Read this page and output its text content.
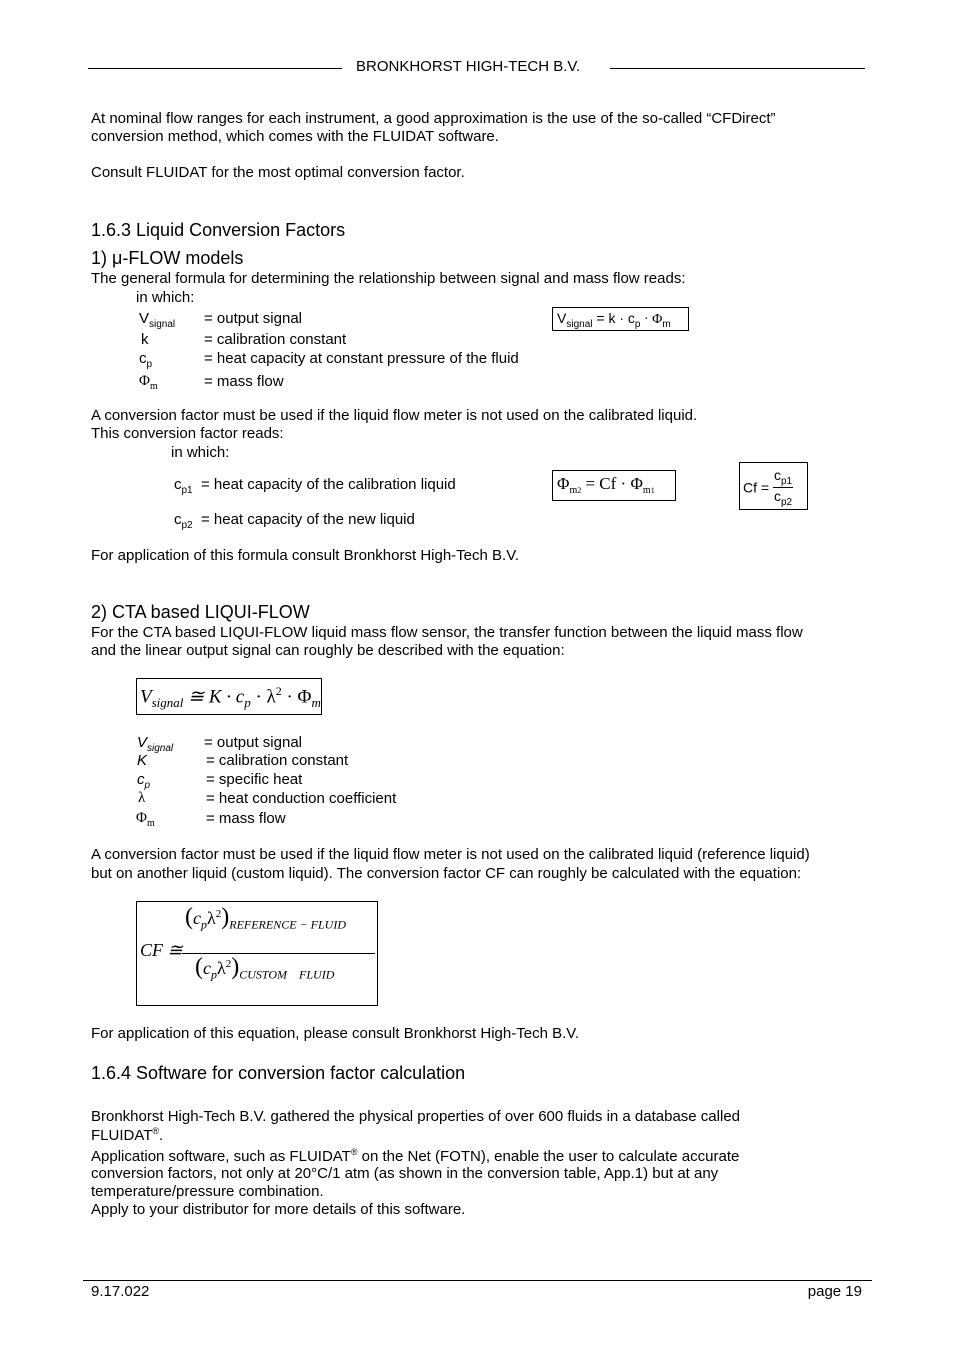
BRONKHORST HIGH-TECH B.V.
At nominal flow ranges for each instrument, a good approximation is the use of the so-called “CFDirect”
conversion method, which comes with the FLUIDAT software.
Consult FLUIDAT for the most optimal conversion factor.
1.6.3 Liquid Conversion Factors
1) μ-FLOW models
The general formula for determining the relationship between signal and mass flow reads:
in which:
$V_{signal}$ = output signal
k	= calibration constant
$c_p$	= heat capacity at constant pressure of the fluid
$\Phi_m$	= mass flow
$V_{signal} = k \cdot c_p \cdot \Phi_m$
A conversion factor must be used if the liquid flow meter is not used on the calibrated liquid.
This conversion factor reads:
in which:
$c_{p1}$ = heat capacity of the calibration liquid
$c_{p2}$ = heat capacity of the new liquid
$\Phi_{m2} = Cf \cdot \Phi_{m1}$	$Cf = \frac{c_{p1}}{c_{p2}}$
For application of this formula consult Bronkhorst High-Tech B.V.
2) CTA based LIQUI-FLOW
For the CTA based LIQUI-FLOW liquid mass flow sensor, the transfer function between the liquid mass flow
and the linear output signal can roughly be described with the equation:
$V_{signal}$ ≅ $K \cdot c_p \cdot \lambda^2 \cdot \Phi_m$
$V_{signal}$ = output signal
K	= calibration constant
$c_p$	= specific heat
λ	= heat conduction coefficient
$\Phi_m$	= mass flow
A conversion factor must be used if the liquid flow meter is not used on the calibrated liquid (reference liquid)
but on another liquid (custom liquid). The conversion factor CF can roughly be calculated with the equation:
CF ≅
$(c_p\lambda^2)_{REFERENCE - FLUID}$
$(c_p\lambda^2)_{CUSTOM FLUID}$
For application of this equation, please consult Bronkhorst High-Tech B.V.
1.6.4 Software for conversion factor calculation
Bronkhorst High-Tech B.V. gathered the physical properties of over 600 fluids in a database called
FLUIDAT®.
Application software, such as FLUIDAT® on the Net (FOTN), enable the user to calculate accurate
conversion factors, not only at 20°C/1 atm (as shown in the conversion table, App.1) but at any
temperature/pressure combination.
Apply to your distributor for more details of this software.
9.17.022	page 19
